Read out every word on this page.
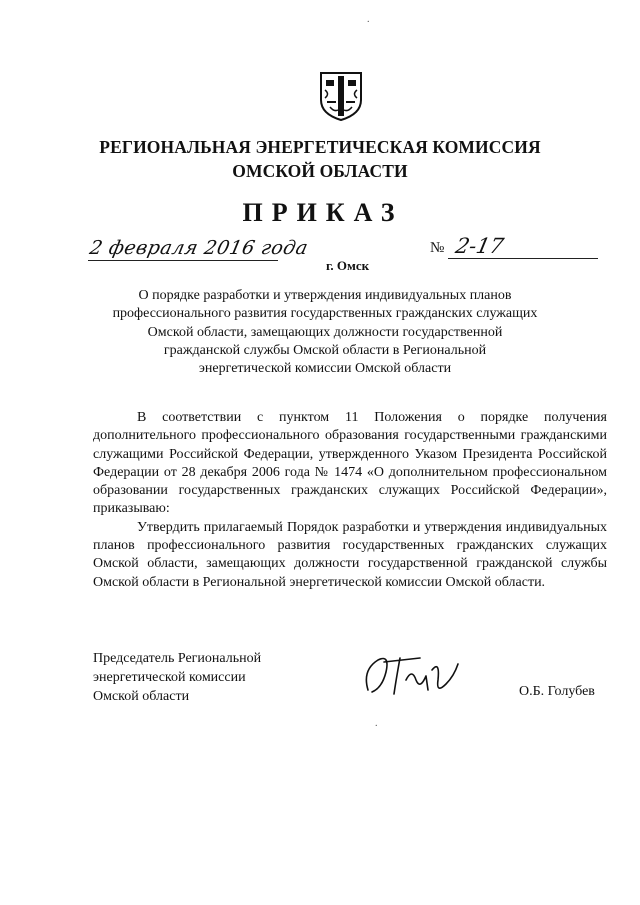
.
РЕГИОНАЛЬНАЯ ЭНЕРГЕТИЧЕСКАЯ КОМИССИЯ
ОМСКОЙ ОБЛАСТИ
ПРИКАЗ
2 февраля 2016 года	№ 2-17
г. Омск
О порядке разработки и утверждения индивидуальных планов
профессионального развития государственных гражданских служащих
Омской области, замещающих должности государственной
гражданской службы Омской области в Региональной
энергетической комиссии Омской области

В соответствии с пунктом 11 Положения о порядке получения дополнительного профессионального образования государственными гражданскими служащими Российской Федерации, утвержденного Указом Президента Российской Федерации от 28 декабря 2006 года № 1474 «О дополнительном профессиональном образовании государственных гражданских служащих Российской Федерации», приказываю:

Утвердить прилагаемый Порядок разработки и утверждения индивидуальных планов профессионального развития государственных гражданских служащих Омской области, замещающих должности государственной гражданской службы Омской области в Региональной энергетической комиссии Омской области.

Председатель Региональной
энергетической комиссии
Омской области	О.Б. Голубев
.
